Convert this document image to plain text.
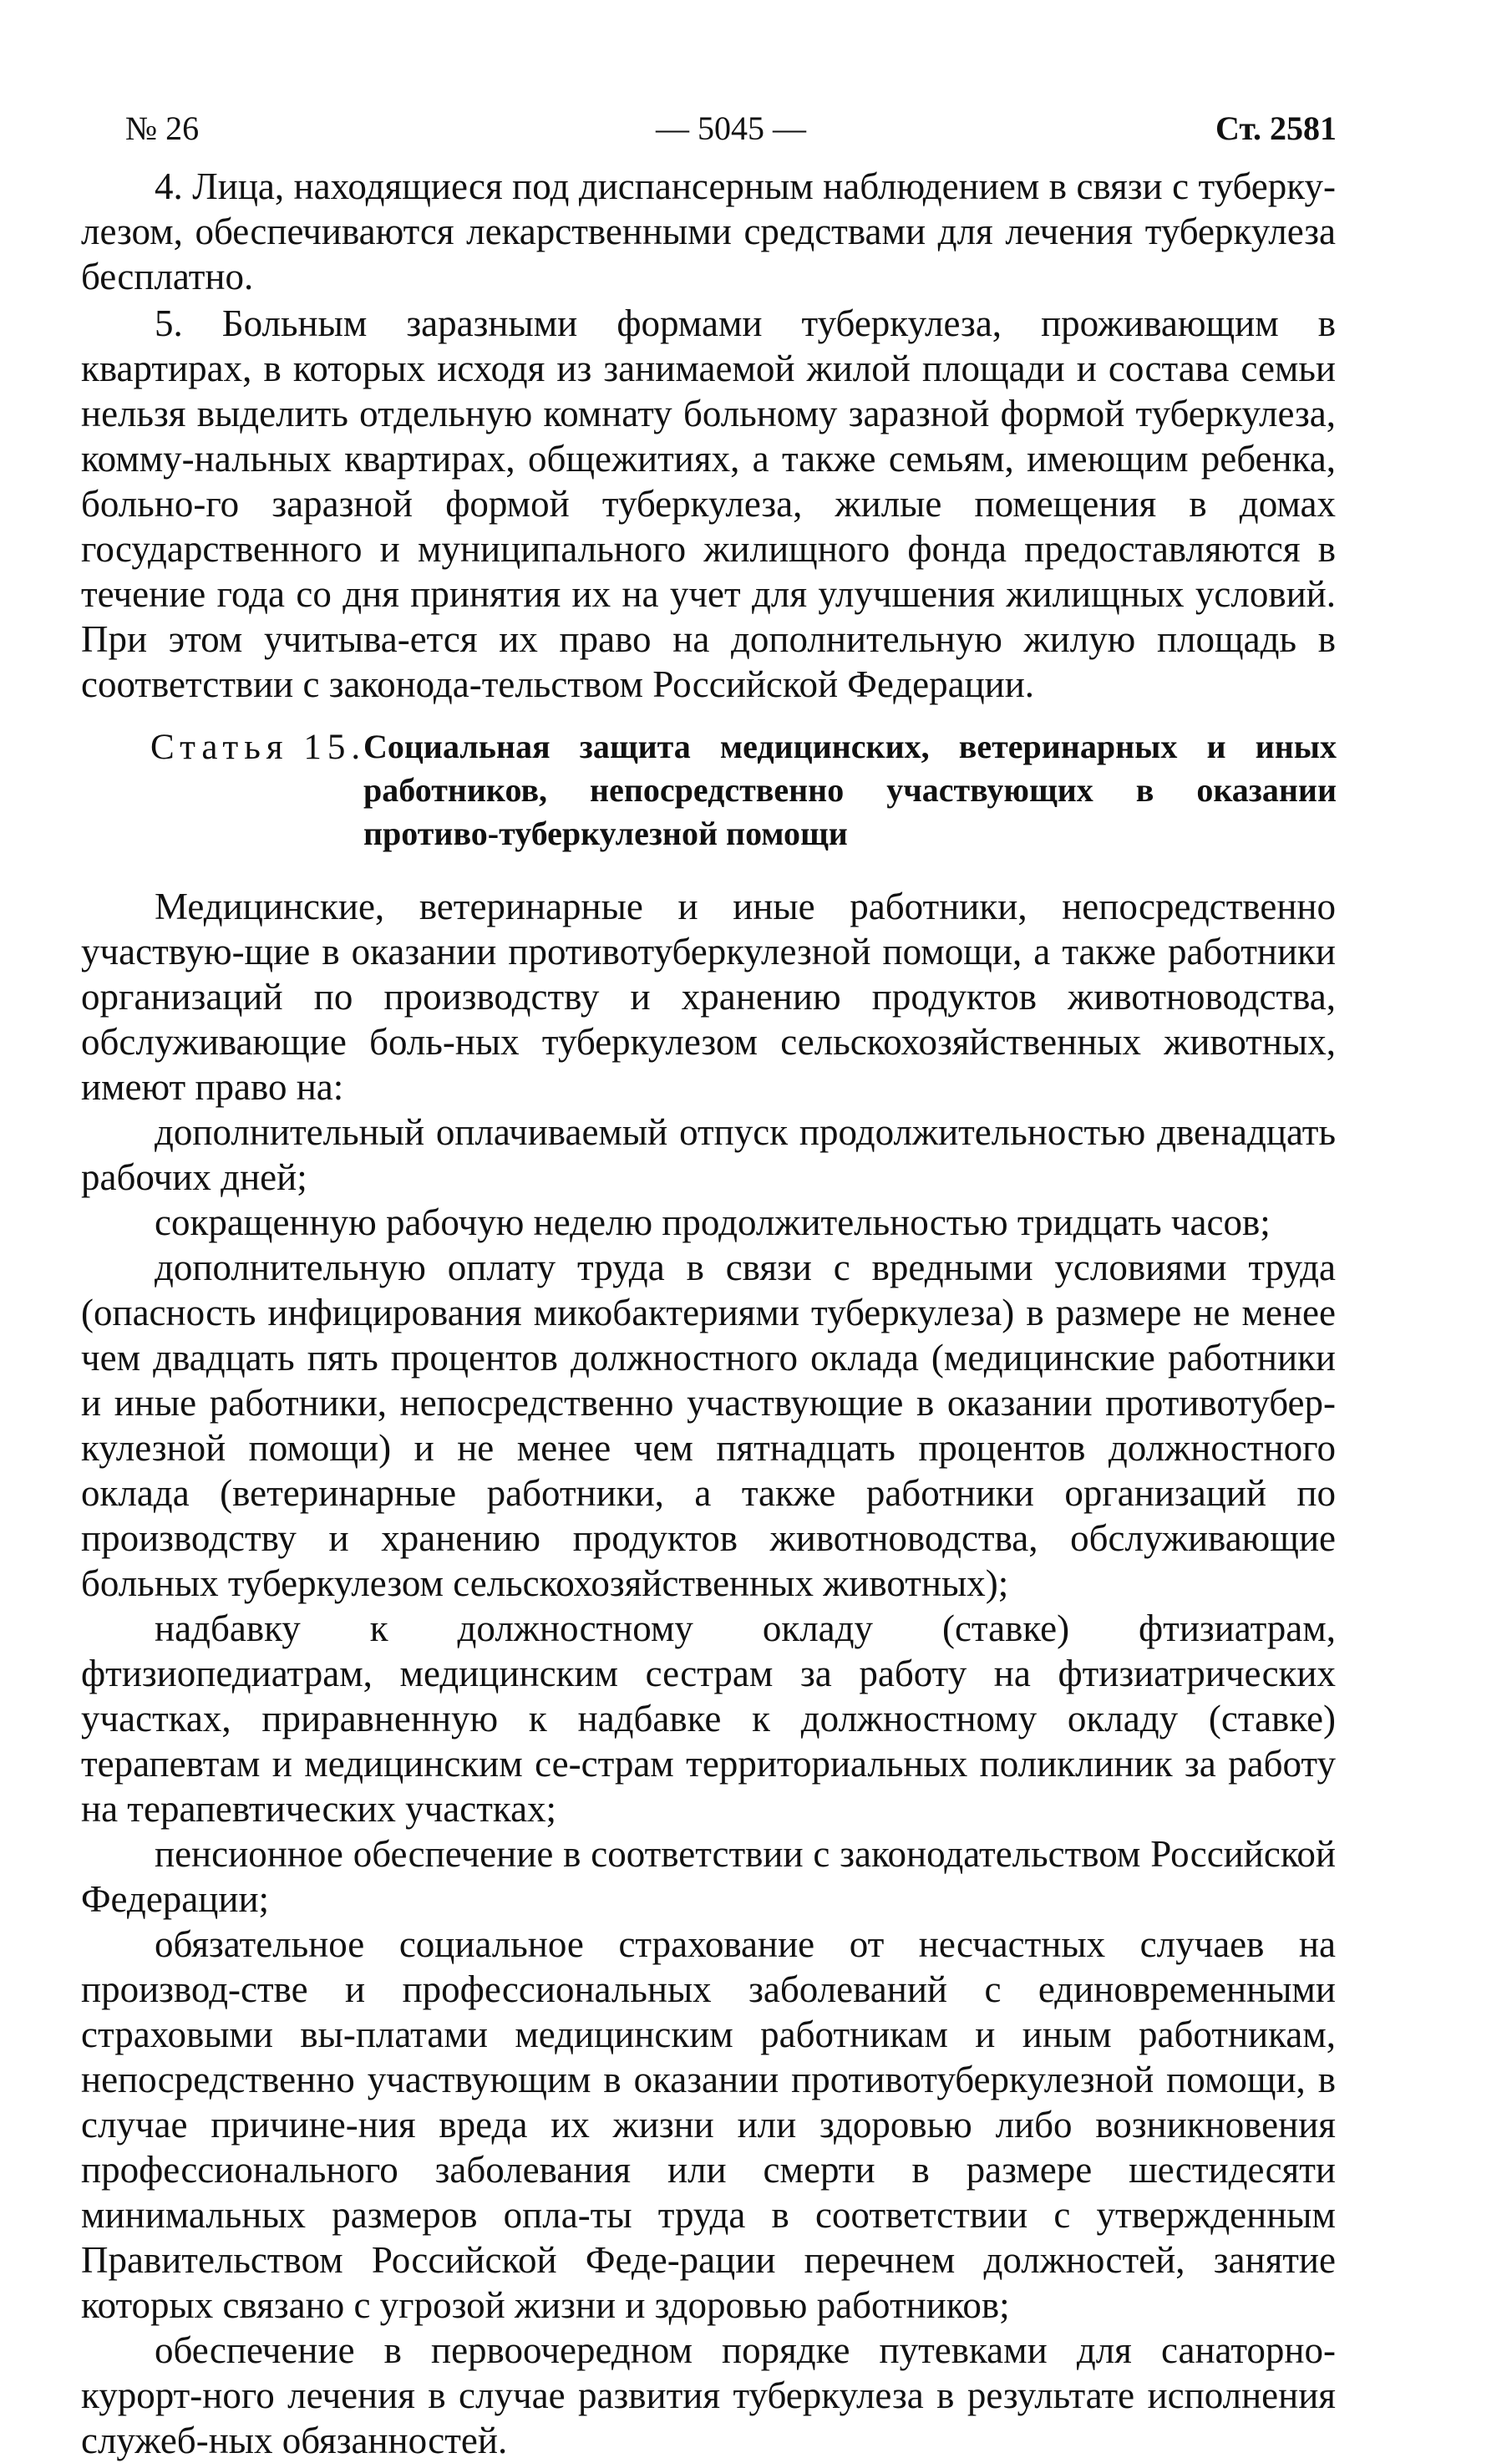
№ 26	— 5045 —	Ст. 2581

4. Лица, находящиеся под диспансерным наблюдением в связи с туберку-лезом, обеспечиваются лекарственными средствами для лечения туберкулеза бесплатно.

5. Больным заразными формами туберкулеза, проживающим в квартирах, в которых исходя из занимаемой жилой площади и состава семьи нельзя выделить отдельную комнату больному заразной формой туберкулеза, комму-нальных квартирах, общежитиях, а также семьям, имеющим ребенка, больно-го заразной формой туберкулеза, жилые помещения в домах государственного и муниципального жилищного фонда предоставляются в течение года со дня принятия их на учет для улучшения жилищных условий. При этом учитыва-ется их право на дополнительную жилую площадь в соответствии с законода-тельством Российской Федерации.

Статья 15.
Социальная защита медицинских, ветеринарных и иных работников, непосредственно участвующих в оказании противо-туберкулезной помощи

Медицинские, ветеринарные и иные работники, непосредственно участвую-щие в оказании противотуберкулезной помощи, а также работники организаций по производству и хранению продуктов животноводства, обслуживающие боль-ных туберкулезом сельскохозяйственных животных, имеют право на:

дополнительный оплачиваемый отпуск продолжительностью двенадцать рабочих дней;

сокращенную рабочую неделю продолжительностью тридцать часов;

дополнительную оплату труда в связи с вредными условиями труда (опасность инфицирования микобактериями туберкулеза) в размере не менее чем двадцать пять процентов должностного оклада (медицинские работники и иные работники, непосредственно участвующие в оказании противотубер-кулезной помощи) и не менее чем пятнадцать процентов должностного оклада (ветеринарные работники, а также работники организаций по производству и хранению продуктов животноводства, обслуживающие больных туберкулезом сельскохозяйственных животных);

надбавку к должностному окладу (ставке) фтизиатрам, фтизиопедиатрам, медицинским сестрам за работу на фтизиатрических участках, приравненную к надбавке к должностному окладу (ставке) терапевтам и медицинским се-страм территориальных поликлиник за работу на терапевтических участках;

пенсионное обеспечение в соответствии с законодательством Российской Федерации;

обязательное социальное страхование от несчастных случаев на производ-стве и профессиональных заболеваний с единовременными страховыми вы-платами медицинским работникам и иным работникам, непосредственно участвующим в оказании противотуберкулезной помощи, в случае причине-ния вреда их жизни или здоровью либо возникновения профессионального заболевания или смерти в размере шестидесяти минимальных размеров опла-ты труда в соответствии с утвержденным Правительством Российской Феде-рации перечнем должностей, занятие которых связано с угрозой жизни и здоровью работников;

обеспечение в первоочередном порядке путевками для санаторно-курорт-ного лечения в случае развития туберкулеза в результате исполнения служеб-ных обязанностей.
